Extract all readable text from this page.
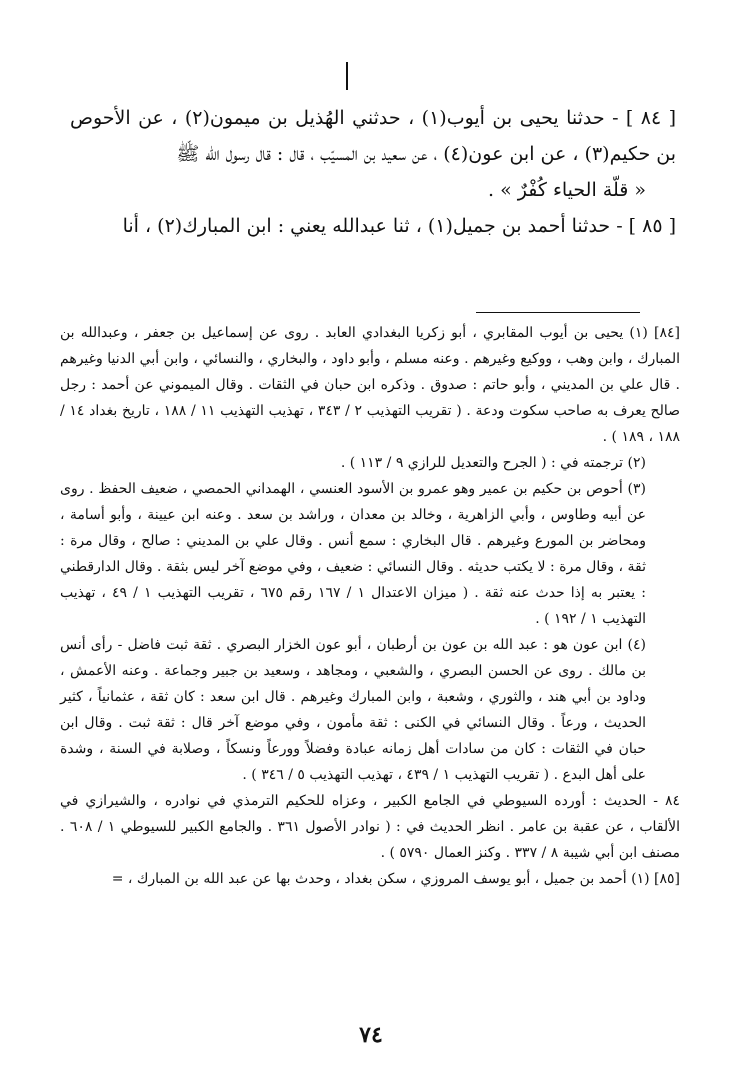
[ ٨٤ ] - حدثنا يحيى بن أيوب(١) ، حدثني الهُذيل بن ميمون(٢) ، عن الأحوص بن حكيم(٣) ، عن ابن عون(٤) ، عن سعيد بن المسيّب ، قال : قال رسول الله ﷺ

« قلّة الحياء كُفْرٌ » .

[ ٨٥ ] - حدثنا أحمد بن جميل(١) ، ثنا عبدالله يعني : ابن المبارك(٢) ، أنا

[٨٤] (١) يحيى بن أيوب المقابري ، أبو زكريا البغدادي العابد . روى عن إسماعيل بن جعفر ، وعبدالله بن المبارك ، وابن وهب ، ووكيع وغيرهم . وعنه مسلم ، وأبو داود ، والبخاري ، والنسائي ، وابن أبي الدنيا وغيرهم . قال علي بن المديني ، وأبو حاتم : صدوق . وذكره ابن حبان في الثقات . وقال الميموني عن أحمد : رجل صالح يعرف به صاحب سكوت ودعة . ( تقريب التهذيب ٢ / ٣٤٣ ، تهذيب التهذيب ١١ / ١٨٨ ، تاريخ بغداد ١٤ / ١٨٨ ، ١٨٩ ) .

(٢) ترجمته في : ( الجرح والتعديل للرازي ٩ / ١١٣ ) .

(٣) أحوص بن حكيم بن عمير وهو عمرو بن الأسود العنسي ، الهمداني الحمصي ، ضعيف الحفظ . روى عن أبيه وطاوس ، وأبي الزاهرية ، وخالد بن معدان ، وراشد بن سعد . وعنه ابن عيينة ، وأبو أسامة ، ومحاضر بن المورع وغيرهم . قال البخاري : سمع أنس . وقال علي بن المديني : صالح ، وقال مرة : ثقة ، وقال مرة : لا يكتب حديثه . وقال النسائي : ضعيف ، وفي موضع آخر ليس بثقة . وقال الدارقطني : يعتبر به إذا حدث عنه ثقة . ( ميزان الاعتدال ١ / ١٦٧ رقم ٦٧٥ ، تقريب التهذيب ١ / ٤٩ ، تهذيب التهذيب ١ / ١٩٢ ) .

(٤) ابن عون هو : عبد الله بن عون بن أرطبان ، أبو عون الخزار البصري . ثقة ثبت فاضل - رأى أنس بن مالك . روى عن الحسن البصري ، والشعبي ، ومجاهد ، وسعيد بن جبير وجماعة . وعنه الأعمش ، وداود بن أبي هند ، والثوري ، وشعبة ، وابن المبارك وغيرهم . قال ابن سعد : كان ثقة ، عثمانياً ، كثير الحديث ، ورعاً . وقال النسائي في الكنى : ثقة مأمون ، وفي موضع آخر قال : ثقة ثبت . وقال ابن حبان في الثقات : كان من سادات أهل زمانه عبادة وفضلاً وورعاً ونسكاً ، وصلابة في السنة ، وشدة على أهل البدع . ( تقريب التهذيب ١ / ٤٣٩ ، تهذيب التهذيب ٥ / ٣٤٦ ) .

٨٤ - الحديث : أورده السيوطي في الجامع الكبير ، وعزاه للحكيم الترمذي في نوادره ، والشيرازي في الألقاب ، عن عقبة بن عامر . انظر الحديث في : ( نوادر الأصول ٣٦١ . والجامع الكبير للسيوطي ١ / ٦٠٨ . مصنف ابن أبي شيبة ٨ / ٣٣٧ . وكنز العمال ٥٧٩٠ ) .

[٨٥] (١) أحمد بن جميل ، أبو يوسف المروزي ، سكن بغداد ، وحدث بها عن عبد الله بن المبارك ، =

٧٤
